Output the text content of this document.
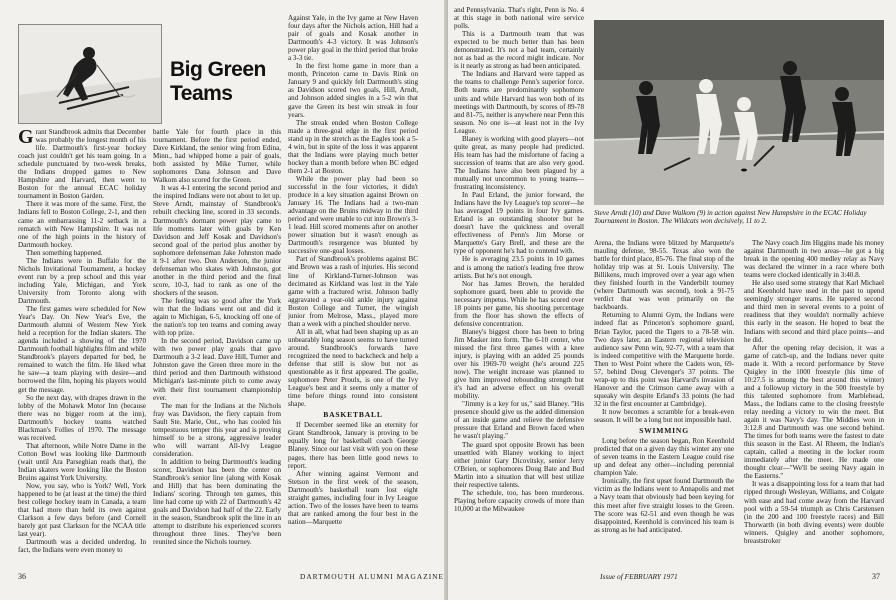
Big Green
Teams

Grant Standbrook admits that December was probably the longest month of his life. Dartmouth's first-year hockey coach just couldn't get his team going. In a schedule punctuated by two-week breaks, the Indians dropped games to New Hampshire and Harvard, then went to Boston for the annual ECAC holiday tournament in Boston Garden.

There it was more of the same. First, the Indians fell to Boston College, 2-1, and then came an embarrassing 11-2 setback in a rematch with New Hampshire. It was not one of the high points in the history of Dartmouth hockey.

Then something happened.

The Indians were in Buffalo for the Nichols Invitational Tournament, a hockey event run by a prep school and this year including Yale, Michigan, and York University from Toronto along with Dartmouth.

The first games were scheduled for New Year's Day. On New Year's Eve, the Dartmouth alumni of Western New York held a reception for the Indian skaters. The agenda included a showing of the 1970 Dartmouth football highlights film and while Standbrook's players departed for bed, he remained to watch the film. He liked what he saw—a team playing with desire—and borrowed the film, hoping his players would get the message.

So the next day, with drapes drawn in the lobby of the Mohawk Motor Inn (because there was no bigger room at the inn), Dartmouth's hockey teams watched Blackman's Follies of 1970. The message was received.

That afternoon, while Notre Dame in the Cotton Bowl was looking like Dartmouth (wait until Ara Parseghian reads that), the Indian skaters were looking like the Boston Bruins against York University.

Now, you say, who is York? Well, York happened to be (at least at the time) the third best college hockey team in Canada, a team that had more than held its own against Clarkson a few days before (and Cornell barely got past Clarkson for the NCAA title last year).

Dartmouth was a decided underdog. In fact, the Indians were even money to

battle Yale for fourth place in this tournament. Before the first period ended, Dave Kirkland, the senior wing from Edina, Minn., had whipped home a pair of goals, both assisted by Mike Turner, while sophomores Dana Johnson and Dave Walkom also scored for the Green.

It was 4-1 entering the second period and the inspired Indians were not about to let up. Steve Arndt, mainstay of Standbrook's rebuilt checking line, scored in 33 seconds. Dartmouth's dormant power play came to life moments later with goals by Ken Davidson and Jeff Kosak and Davidson's second goal of the period plus another by sophomore defenseman Jake Johnston made it 9-1 after two. Don Anderson, the junior defenseman who skates with Johnston, got another in the third period and the final score, 10-3, had to rank as one of the shockers of the season.

The feeling was so good after the York win that the Indians went out and did it again to Michigan, 6-5, knocking off one of the nation's top ten teams and coming away with top prize.

In the second period, Davidson came up with two power play goals that gave Dartmouth a 3-2 lead. Dave Hill, Turner and Johnston gave the Green three more in the third period and then Dartmouth withstood Michigan's last-minute pitch to come away with their first tournament championship ever.

The man for the Indians at the Nichols fray was Davidson, the fiery captain from Sault Ste. Marie, Ont., who has cooled his tempestuous temper this year and is proving himself to be a strong, aggressive leader who will warrant All-Ivy League consideration.

In addition to being Dartmouth's leading scorer, Davidson has been the center on Standbrook's senior line (along with Kosak and Hill) that has been dominating the Indians' scoring. Through ten games, this line had come up with 22 of Dartmouth's 42 goals and Davidson had half of the 22. Early in the season, Standbrook split the line in an attempt to distribute his experienced scorers throughout three lines. They've been reunited since the Nichols tourney.

Against Yale, in the Ivy game at New Haven four days after the Nichols action, Hill had a pair of goals and Kosak another in Dartmouth's 4-3 victory. It was Johnson's power play goal in the third period that broke a 3-3 tie.

In the first home game in more than a month, Princeton came to Davis Rink on January 9 and quickly felt Dartmouth's sting as Davidson scored two goals, Hill, Arndt, and Johnson added singles in a 5-2 win that gave the Green its best win streak in four years.

The streak ended when Boston College made a three-goal edge in the first period stand up in the stretch as the Eagles took a 5-4 win, but in spite of the loss it was apparent that the Indians were playing much better hockey than a month before when BC edged them 2-1 at Boston.

While the power play had been so successful in the four victories, it didn't produce in a key situation against Brown on January 16. The Indians had a two-man advantage on the Bruins midway in the third period and were unable to cut into Brown's 3-1 lead. Hill scored moments after on another power situation but it wasn't enough as Dartmouth's resurgence was blunted by successive one-goal losses.

Part of Standbrook's problems against BC and Brown was a rash of injuries. His second line of Kirkland-Turner-Johnson was decimated as Kirkland was lost in the Yale game with a fractured wrist. Johnson badly aggravated a year-old ankle injury against Boston College and Turner, the wingish junior from Melrose, Mass., played more than a week with a pinched shoulder nerve.

All in all, what had been shaping up as an unbearably long season seems to have turned around. Standbrook's forwards have recognized the need to backcheck and help a defense that still is slow but not as questionable as it first appeared. The goalie, sophomore Peter Proulx, is one of the Ivy League's best and it seems only a matter of time before things round into consistent shape.

BASKETBALL

If December seemed like an eternity for Grant Standbrook, January is proving to be equally long for basketball coach George Blaney. Since our last visit with you on these pages, there has been little good news to report.

After winning against Vermont and Stetson in the first week of the season, Dartmouth's basketball team lost eight straight games, including four in Ivy League action. Two of the losses have been to teams that are ranked among the four best in the nation—Marquette

36	DARTMOUTH ALUMNI MAGAZINE

and Pennsylvania. That's right, Penn is No. 4 at this stage in both national wire service polls.

This is a Dartmouth team that was expected to be much better than has been demonstrated. It's not a bad team, certainly not as bad as the record might indicate. Nor is it nearly as strong as had been anticipated.

The Indians and Harvard were tapped as the teams to challenge Penn's superior force. Both teams are predominantly sophomore units and while Harvard has won both of its meetings with Dartmouth, by scores of 89-78 and 81-75, neither is anywhere near Penn this season. No one is—at least not in the Ivy League.

Blaney is working with good players—not quite great, as many people had predicted. His team has had the misfortune of facing a succession of teams that are also very good. The Indians have also been plagued by a mutually not uncommon to young teams—frustrating inconsistency.

In Paul Erland, the junior forward, the Indians have the Ivy League's top scorer—he has averaged 19 points in four Ivy games. Erland is an outstanding shooter but he doesn't have the quickness and overall effectiveness of Penn's Jim Morse or Marquette's Gary Brell, and these are the type of opponent he's had to contend with.

He is averaging 23.5 points in 10 games and is among the nation's leading free throw artists. But he's not enough.

Nor has James Brown, the heralded sophomore guard, been able to provide the necessary impetus. While he has scored over 18 points per game, his shooting percentage from the floor has shown the effects of defensive concentration.

Blaney's biggest chore has been to bring Jim Masker into form. The 6-10 center, who missed the first three games with a knee injury, is playing with an added 25 pounds over his 1969-70 weight (he's around 225 now). The weight increase was planned to give him improved rebounding strength but it's had an adverse effect on his overall mobility.

"Jimmy is a key for us," said Blaney. "His presence should give us the added dimension of an inside game and relieve the defensive pressure that Erland and Brown faced when he wasn't playing."

The guard spot opposite Brown has been unsettled with Blaney working to inject either junior Gary Dicovitsky, senior Jerry O'Brien, or sophomores Doug Bate and Bud Martin into a situation that will best utilize their respective talents.

The schedule, too, has been murderous. Playing before capacity crowds of more than 10,000 at the Milwaukee

Steve Arndt (10) and Dave Walkom (9) in action against New Hampshire in the ECAC Holiday Tournament in Boston. The Wildcats won decisively, 11 to 2.

Arena, the Indians were blitzed by Marquette's mauling defense, 98-55. Texas also won the battle for third place, 85-76. The final stop of the holiday trip was at St. Louis University. The Billikens, much improved over a year ago when they finished fourth in the Vanderbilt tourney (where Dartmouth was second), took a 91-75 verdict that was won primarily on the backboards.

Returning to Alumni Gym, the Indians were indeed flat as Princeton's sophomore guard, Brian Taylor, paced the Tigers to a 78-58 win. Two days later, an Eastern regional television audience saw Penn win, 92-77, with a team that is indeed competitive with the Marquette horde. Then to West Point where the Cadets won, 69-57, behind Doug Clevenger's 37 points. The wrap-up to this point was Harvard's invasion of Hanover and the Crimson came away with a squeaky win despite Erland's 33 points (he had 32 in the first encounter at Cambridge).

It now becomes a scramble for a break-even season. It will be a long but not impossible haul.

SWIMMING

Long before the season began, Ron Keenhold predicted that on a given day this winter any one of seven teams in the Eastern League could rise up and defeat any other—including perennial champion Yale.

Ironically, the first upset found Dartmouth the victim as the Indians went to Annapolis and met a Navy team that obviously had been keying for this meet after five straight losses to the Green. The score was 62-51 and even though he was disappointed, Keenhold is convinced his team is as strong as he had anticipated.

The Navy coach Jim Higgins made his money against Dartmouth in two areas—he got a big break in the opening 400 medley relay as Navy was declared the winner in a race where both teams were clocked identically in 3:40.8.

He also used some strategy that Karl Michael and Keenhold have used in the past to upend seemingly stronger teams. He tapered second and third men in several events to a point of readiness that they wouldn't normally achieve this early in the season. He hoped to beat the Indians with second and third place points—and he did.

After the opening relay decision, it was a game of catch-up, and the Indians never quite made it. With a record performance by Steve Quigley in the 1000 freestyle (his time of 10:27.5 is among the best around this winter) and a followup victory in the 500 freestyle by this talented sophomore from Marblehead, Mass., the Indians came to the closing freestyle relay needing a victory to win the meet. But again it was Navy's day. The Middies won in 3:12.8 and Dartmouth was one second behind. The times for both teams were the fastest to date this season in the East. Al Rheem, the Indian's captain, called a meeting in the locker room immediately after the meet. He made one thought clear—"We'll be seeing Navy again in the Easterns."

It was a disappointing loss for a team that had ripped through Wesleyan, Williams, and Colgate with ease and had come away from the Harvard pool with a 59-54 triumph as Chris Carstensen (in the 200 and 100 freestyle races) and Bill Thorwarth (in both diving events) were double winners. Quigley and another sophomore, breaststroker

Issue of FEBRUARY 1971	37
